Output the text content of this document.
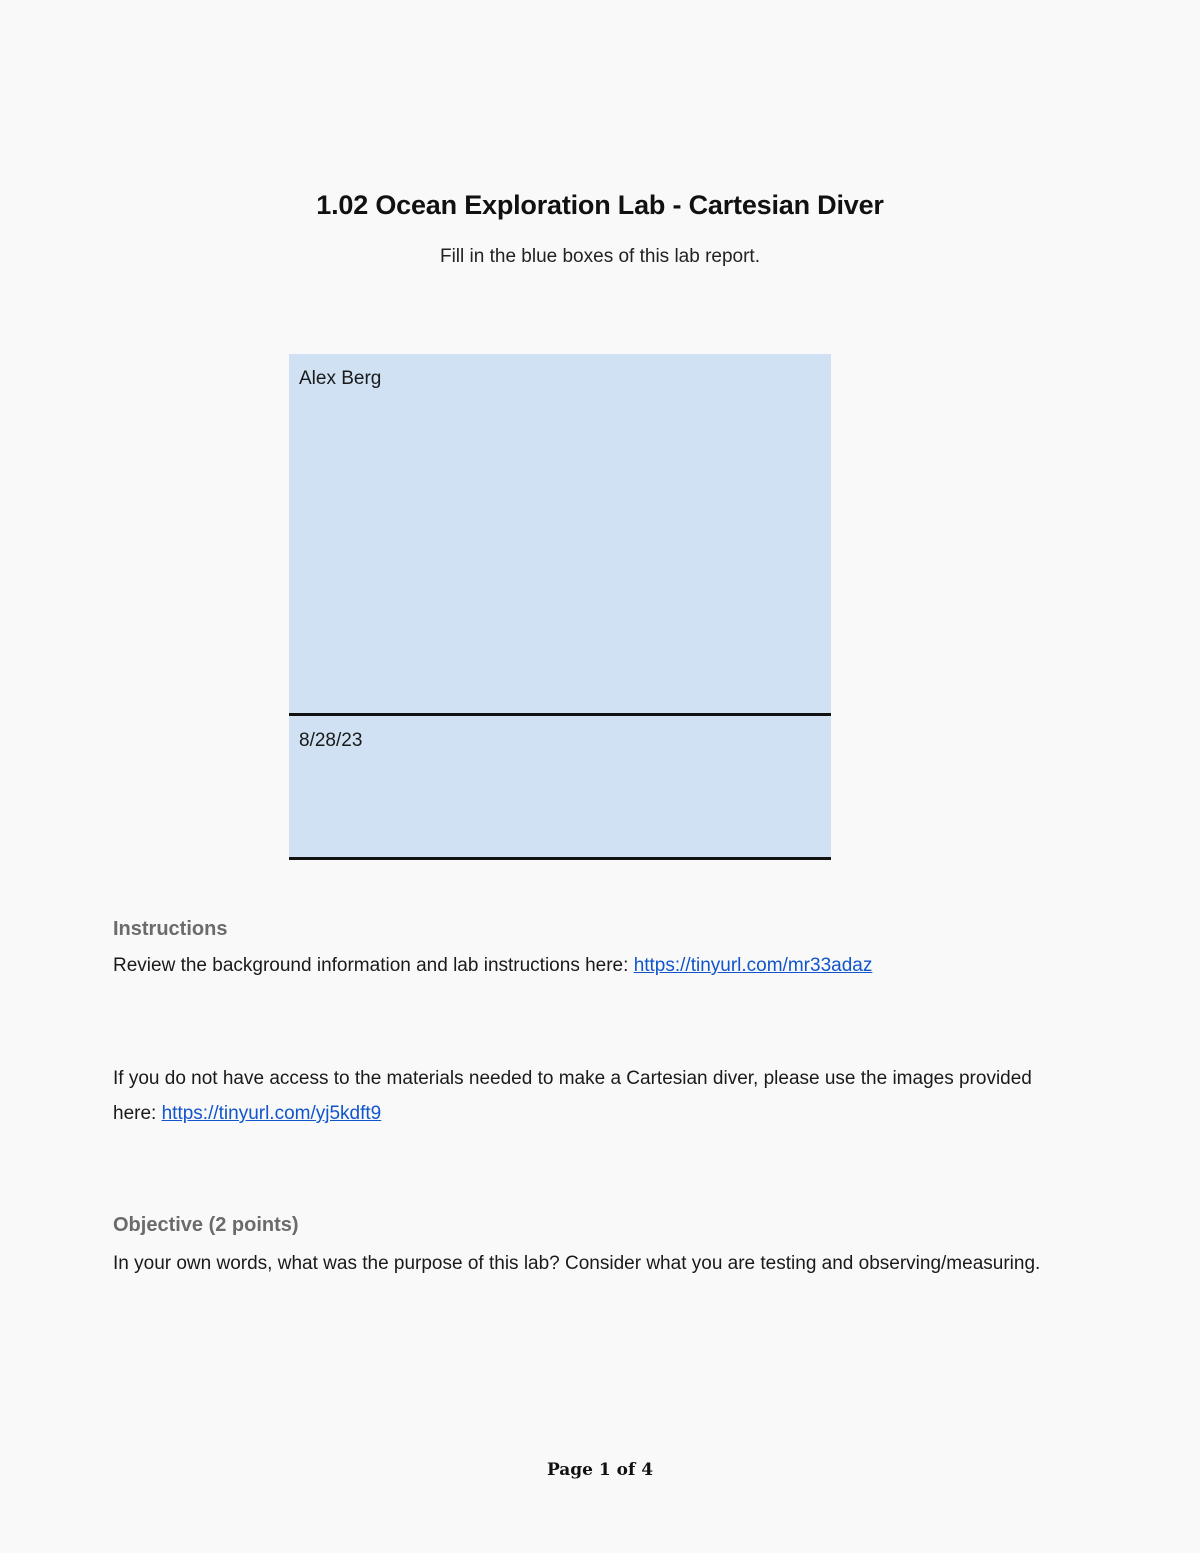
1.02 Ocean Exploration Lab - Cartesian Diver
Fill in the blue boxes of this lab report.
Alex Berg
8/28/23
Instructions
Review the background information and lab instructions here: https://tinyurl.com/mr33adaz
If you do not have access to the materials needed to make a Cartesian diver, please use the images provided here: https://tinyurl.com/yj5kdft9
Objective (2 points)
In your own words, what was the purpose of this lab? Consider what you are testing and observing/measuring.
Page 1 of 4
